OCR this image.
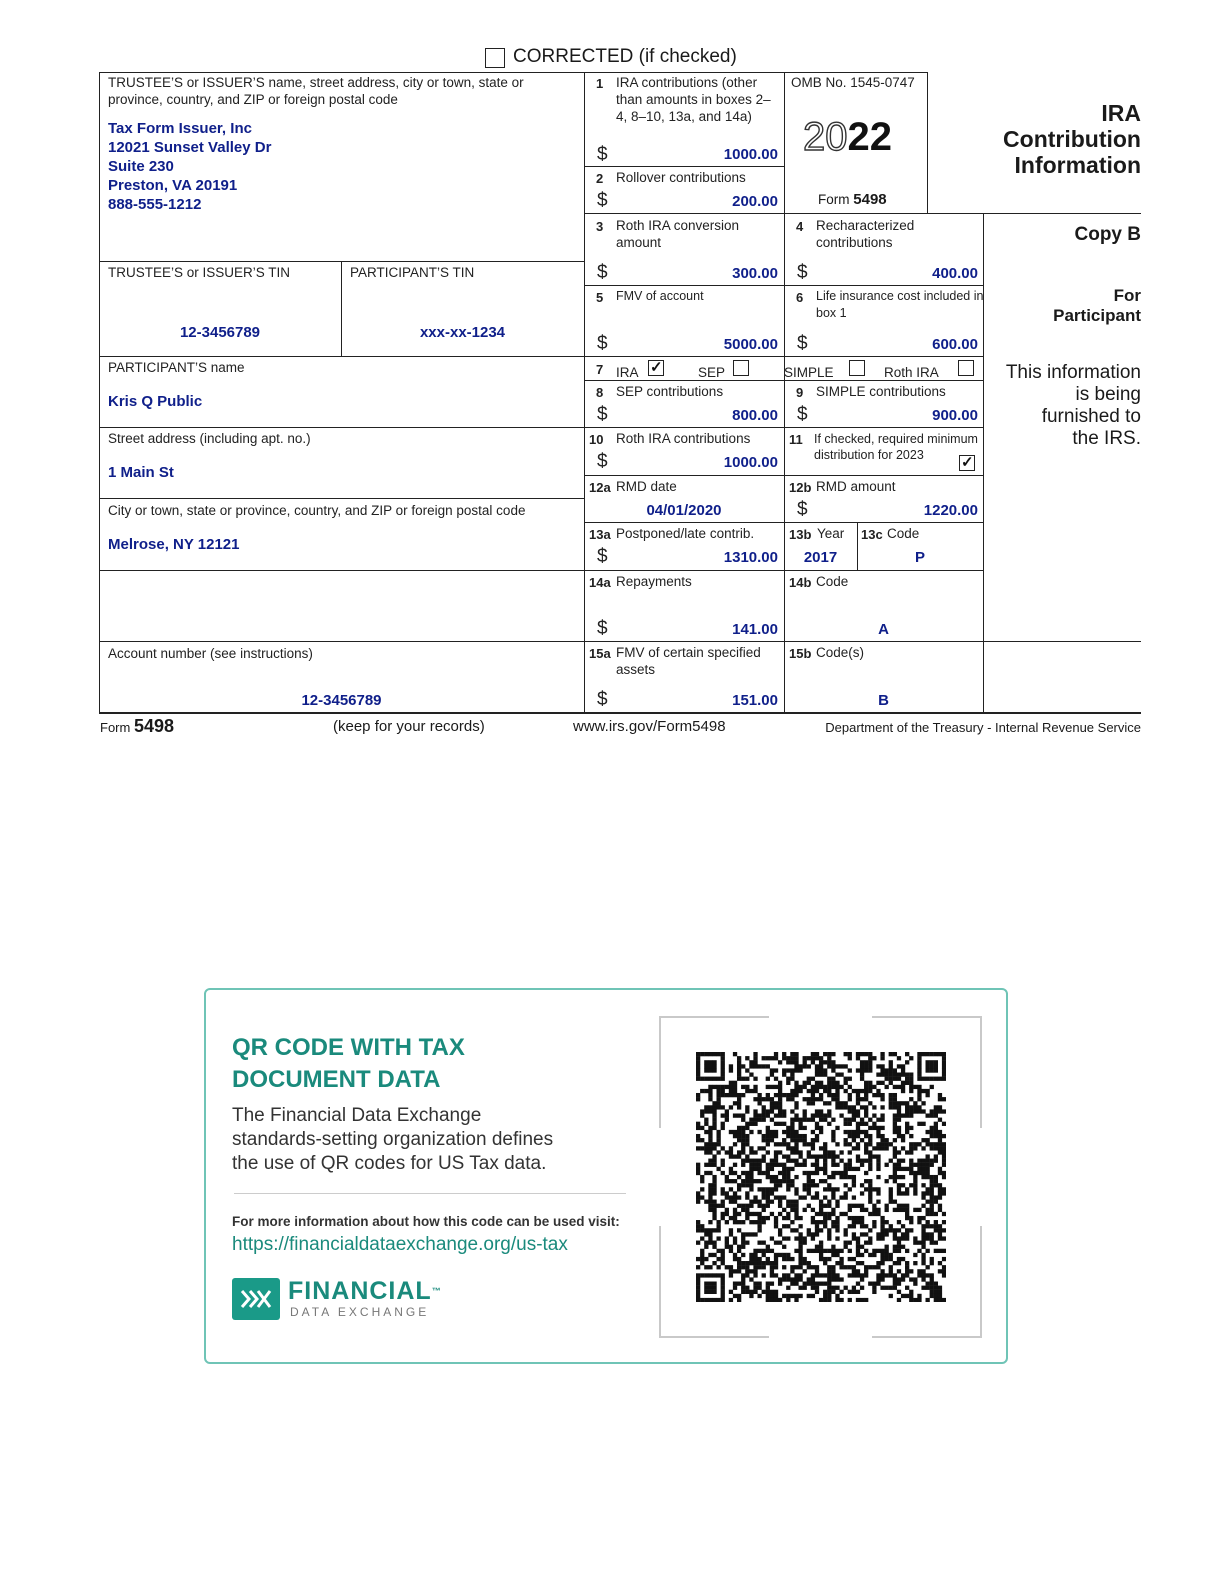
CORRECTED (if checked)
TRUSTEE’S or ISSUER’S name, street address, city or town, state or province, country, and ZIP or foreign postal code
Tax Form Issuer, Inc
12021 Sunset Valley Dr
Suite 230
Preston, VA 20191
888-555-1212
TRUSTEE’S or ISSUER’S TIN
12-3456789
PARTICIPANT’S TIN
xxx-xx-1234
PARTICIPANT’S name
Kris Q Public
Street address (including apt. no.)
1 Main St
City or town, state or province, country, and ZIP or foreign postal code
Melrose, NY 12121
Account number (see instructions)
12-3456789
1 IRA contributions (other than amounts in boxes 2–4, 8–10, 13a, and 14a)
$	1000.00
2 Rollover contributions
$	200.00
OMB No. 1545-0747
2022
Form 5498
3 Roth IRA conversion amount
$	300.00
4 Recharacterized contributions
$	400.00
5 FMV of account
$	5000.00
6 Life insurance cost included in box 1
$	600.00
7 IRA ✓	SEP	SIMPLE	Roth IRA
8 SEP contributions
$	800.00
9 SIMPLE contributions
$	900.00
10 Roth IRA contributions
$	1000.00
11 If checked, required minimum distribution for 2023	✓
12a RMD date
04/01/2020
12b RMD amount
$	1220.00
13a Postponed/late contrib.
$	1310.00
13b Year
2017
13c Code
P
14a Repayments
$	141.00
14b Code
A
15a FMV of certain specified assets
$	151.00
15b Code(s)
B
IRA
Contribution
Information
Copy B
For
Participant
This information
is being
furnished to
the IRS.
Form 5498	(keep for your records)	www.irs.gov/Form5498	Department of the Treasury - Internal Revenue Service
QR CODE WITH TAX
DOCUMENT DATA
The Financial Data Exchange
standards-setting organization defines
the use of QR codes for US Tax data.
For more information about how this code can be used visit:
https://financialdataexchange.org/us-tax
FINANCIAL™
DATA EXCHANGE
